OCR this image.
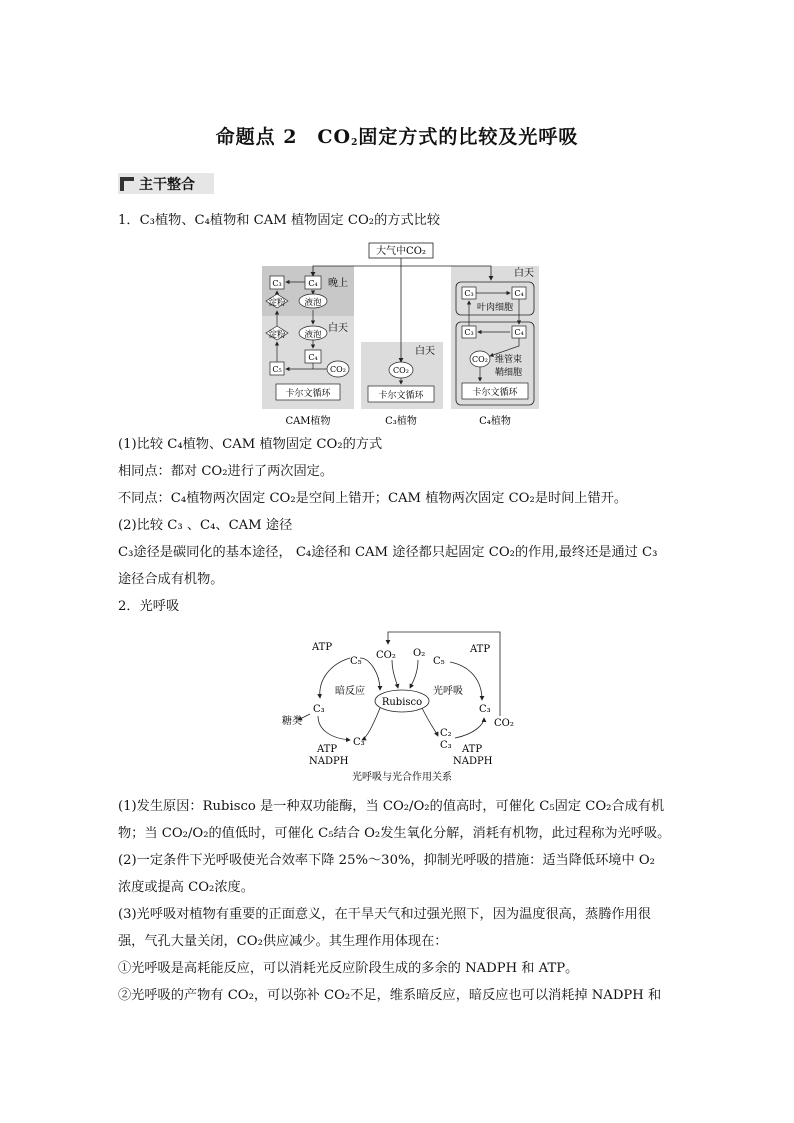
命题点 2　$CO_2$固定方式的比较及光呼吸
主干整合
1．C₃植物、C₄植物和 CAM 植物固定 CO₂的方式比较
大气中CO₂
C₃	C₄ 晚上
淀粉 液泡
淀粉 液泡
白天
C₄
C₅	CO₂
卡尔文循环
CAM植物
白天
CO₂
卡尔文循环
C₃植物
白天
C₃	C₄
叶肉细胞
C₃	C₄
CO₂ 维管束
鞘细胞
卡尔文循环
C₄植物
(1)比较 C₄植物、CAM 植物固定 CO₂的方式
相同点：都对 CO₂进行了两次固定。
不同点：C₄植物两次固定 CO₂是空间上错开；CAM 植物两次固定 CO₂是时间上错开。
(2)比较 C₃ 、C₄、CAM 途径
C₃途径是碳同化的基本途径， C₄途径和 CAM 途径都只起固定 CO₂的作用,最终还是通过 C₃
途径合成有机物。
2．光呼吸
ATP
C₅
CO₂ O₂
C₅
ATP
暗反应	光呼吸
Rubisco
C₃
糖类
C₃
CO₂
ATP
NADPH
C₃
C₂
C₃ ATP
NADPH
光呼吸与光合作用关系
(1)发生原因：Rubisco 是一种双功能酶，当 CO₂/O₂的值高时，可催化 C₅固定 CO₂合成有机
物；当 CO₂/O₂的值低时，可催化 C₅结合 O₂发生氧化分解，消耗有机物，此过程称为光呼吸。
(2)一定条件下光呼吸使光合效率下降 25%～30%，抑制光呼吸的措施：适当降低环境中 O₂
浓度或提高 CO₂浓度。
(3)光呼吸对植物有重要的正面意义，在干旱天气和过强光照下，因为温度很高，蒸腾作用很
强，气孔大量关闭，CO₂供应减少。其生理作用体现在：
①光呼吸是高耗能反应，可以消耗光反应阶段生成的多余的 NADPH 和 ATP。
②光呼吸的产物有 CO₂，可以弥补 CO₂不足，维系暗反应，暗反应也可以消耗掉 NADPH 和
